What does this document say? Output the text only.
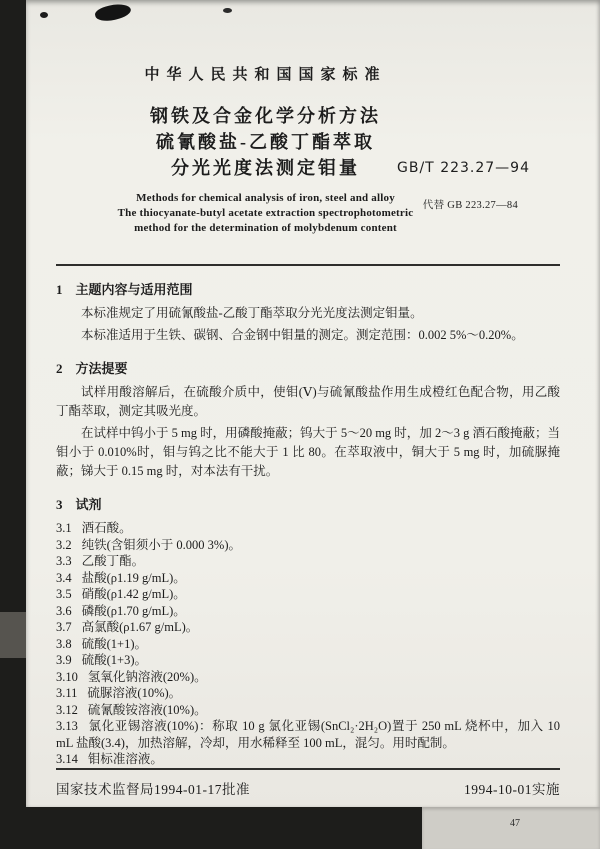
中华人民共和国国家标准
钢铁及合金化学分析方法
硫氰酸盐-乙酸丁酯萃取
分光光度法测定钼量
Methods for chemical analysis of iron, steel and alloy
The thiocyanate-butyl acetate extraction spectrophotometric
method for the determination of molybdenum content
GB/T 223.27—94
代替 GB 223.27—84
1　主题内容与适用范围

本标准规定了用硫氰酸盐-乙酸丁酯萃取分光光度法测定钼量。

本标准适用于生铁、碳钢、合金钢中钼量的测定。测定范围：0.002 5%～0.20%。

2　方法提要

试样用酸溶解后，在硫酸介质中，使钼(Ⅴ)与硫氰酸盐作用生成橙红色配合物，用乙酸丁酯萃取，测定其吸光度。

在试样中钨小于 5 mg 时，用磷酸掩蔽；钨大于 5～20 mg 时，加 2～3 g 酒石酸掩蔽；当钼小于 0.010%时，钼与钨之比不能大于 1 比 80。在萃取液中，铜大于 5 mg 时，加硫脲掩蔽；锑大于 0.15 mg 时，对本法有干扰。

3　试剂
3.1 酒石酸。
3.2 纯铁(含钼须小于 0.000 3%)。
3.3 乙酸丁酯。
3.4 盐酸(ρ1.19 g/mL)。
3.5 硝酸(ρ1.42 g/mL)。
3.6 磷酸(ρ1.70 g/mL)。
3.7 高氯酸(ρ1.67 g/mL)。
3.8 硫酸(1+1)。
3.9 硫酸(1+3)。
3.10 氢氧化钠溶液(20%)。
3.11 硫脲溶液(10%)。
3.12 硫氰酸铵溶液(10%)。
3.13 氯化亚锡溶液(10%)：称取 10 g 氯化亚锡(SnCl₂·2H₂O)置于 250 mL 烧杯中，加入 10 mL 盐酸(3.4)，加热溶解，冷却，用水稀释至 100 mL，混匀。用时配制。
3.14 钼标准溶液。
国家技术监督局1994-01-17批准	1994-10-01实施
47
